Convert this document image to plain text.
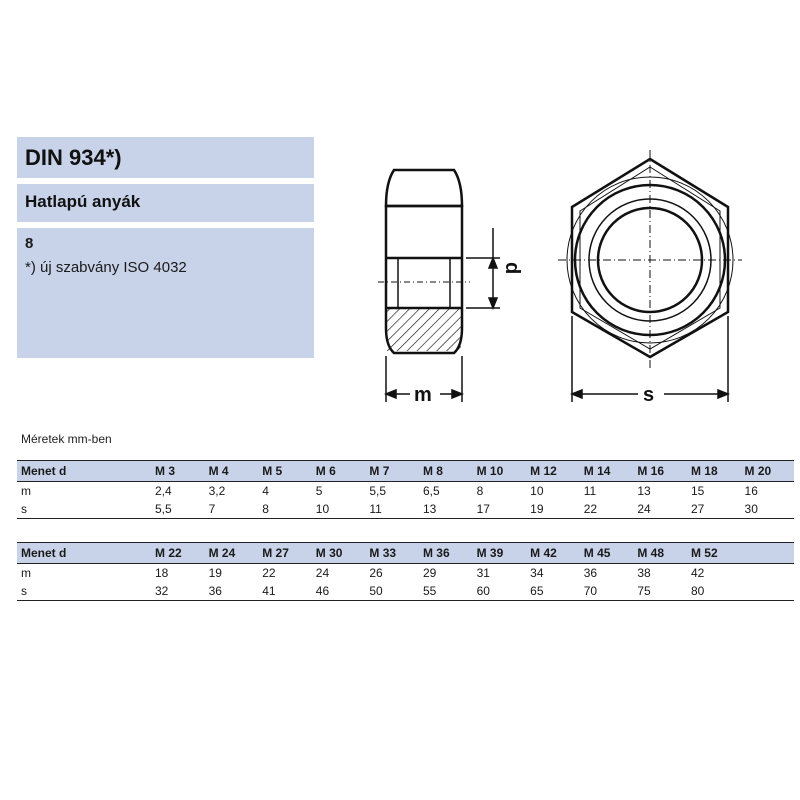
DIN 934*)
Hatlapú anyák
8
*) új szabvány ISO 4032	d
m	s
Méretek mm-ben
Menet d	M 3	M 4	M 5	M 6	M 7	M 8	M 10	M 12	M 14	M 16	M 18	M 20
m	2,4	3,2	4	5	5,5	6,5	8	10	11	13	15	16
s	5,5	7	8	10	11	13	17	19	22	24	27	30
Menet d	M 22	M 24	M 27	M 30	M 33	M 36	M 39	M 42	M 45	M 48	M 52	
m	18	19	22	24	26	29	31	34	36	38	42	
s	32	36	41	46	50	55	60	65	70	75	80	
